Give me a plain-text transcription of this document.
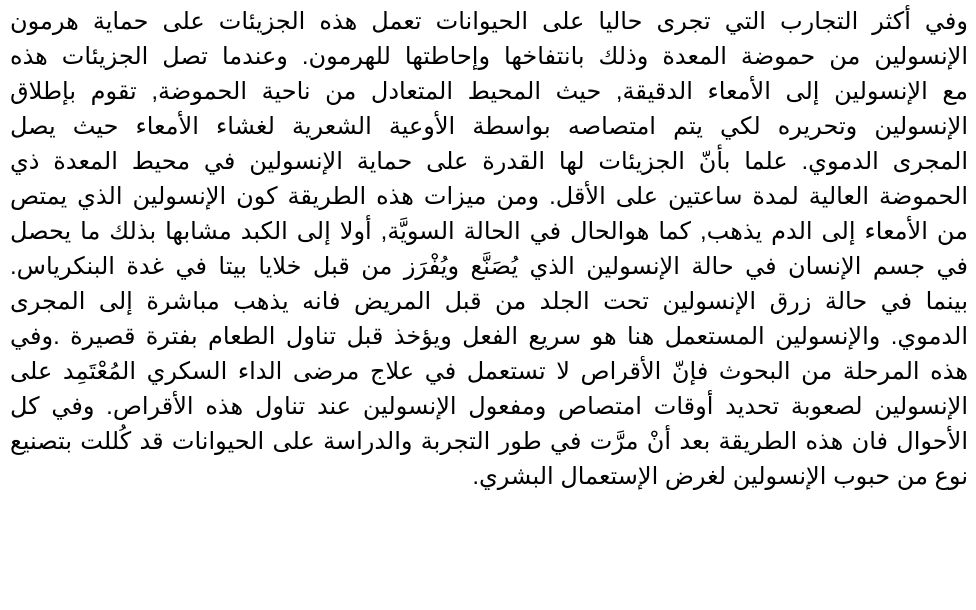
وفي أكثر التجارب التي تجرى حاليا على الحيوانات تعمل هذه الجزيئات على حماية هرمون
الإنسولين من حموضة المعدة وذلك بانتفاخها وإحاطتها للهرمون. وعندما تصل الجزيئات هذه
مع الإنسولين إلى الأمعاء الدقيقة, حيث المحيط المتعادل من ناحية الحموضة, تقوم بإطلاق
الإنسولين وتحريره لكي يتم امتصاصه بواسطة الأوعية الشعرية لغشاء الأمعاء حيث يصل
المجرى الدموي. علما بأنّ الجزيئات لها القدرة على حماية الإنسولين في محيط المعدة ذي
الحموضة العالية لمدة ساعتين على الأقل. ومن ميزات هذه الطريقة كون الإنسولين الذي يمتص
من الأمعاء إلى الدم يذهب, كما هوالحال في الحالة السويَّة, أولا إلى الكبد مشابها بذلك ما يحصل
في جسم الإنسان في حالة الإنسولين الذي يُصَنَّع ويُفْرَز من قبل خلايا بيتا في غدة البنكرياس.
بينما في حالة زرق الإنسولين تحت الجلد من قبل المريض فانه يذهب مباشرة إلى المجرى
الدموي. والإنسولين المستعمل هنا هو سريع الفعل ويؤخذ قبل تناول الطعام بفترة قصيرة .وفي
هذه المرحلة من البحوث فإنّ الأقراص لا تستعمل في علاج مرضى الداء السكري المُعْتَمِد على
الإنسولين لصعوبة تحديد أوقات امتصاص ومفعول الإنسولين عند تناول هذه الأقراص. وفي كل
الأحوال فان هذه الطريقة بعد أنْ مرَّت في طور التجربة والدراسة على الحيوانات قد كُللت بتصنيع
نوع من حبوب الإنسولين لغرض الإستعمال البشري.
